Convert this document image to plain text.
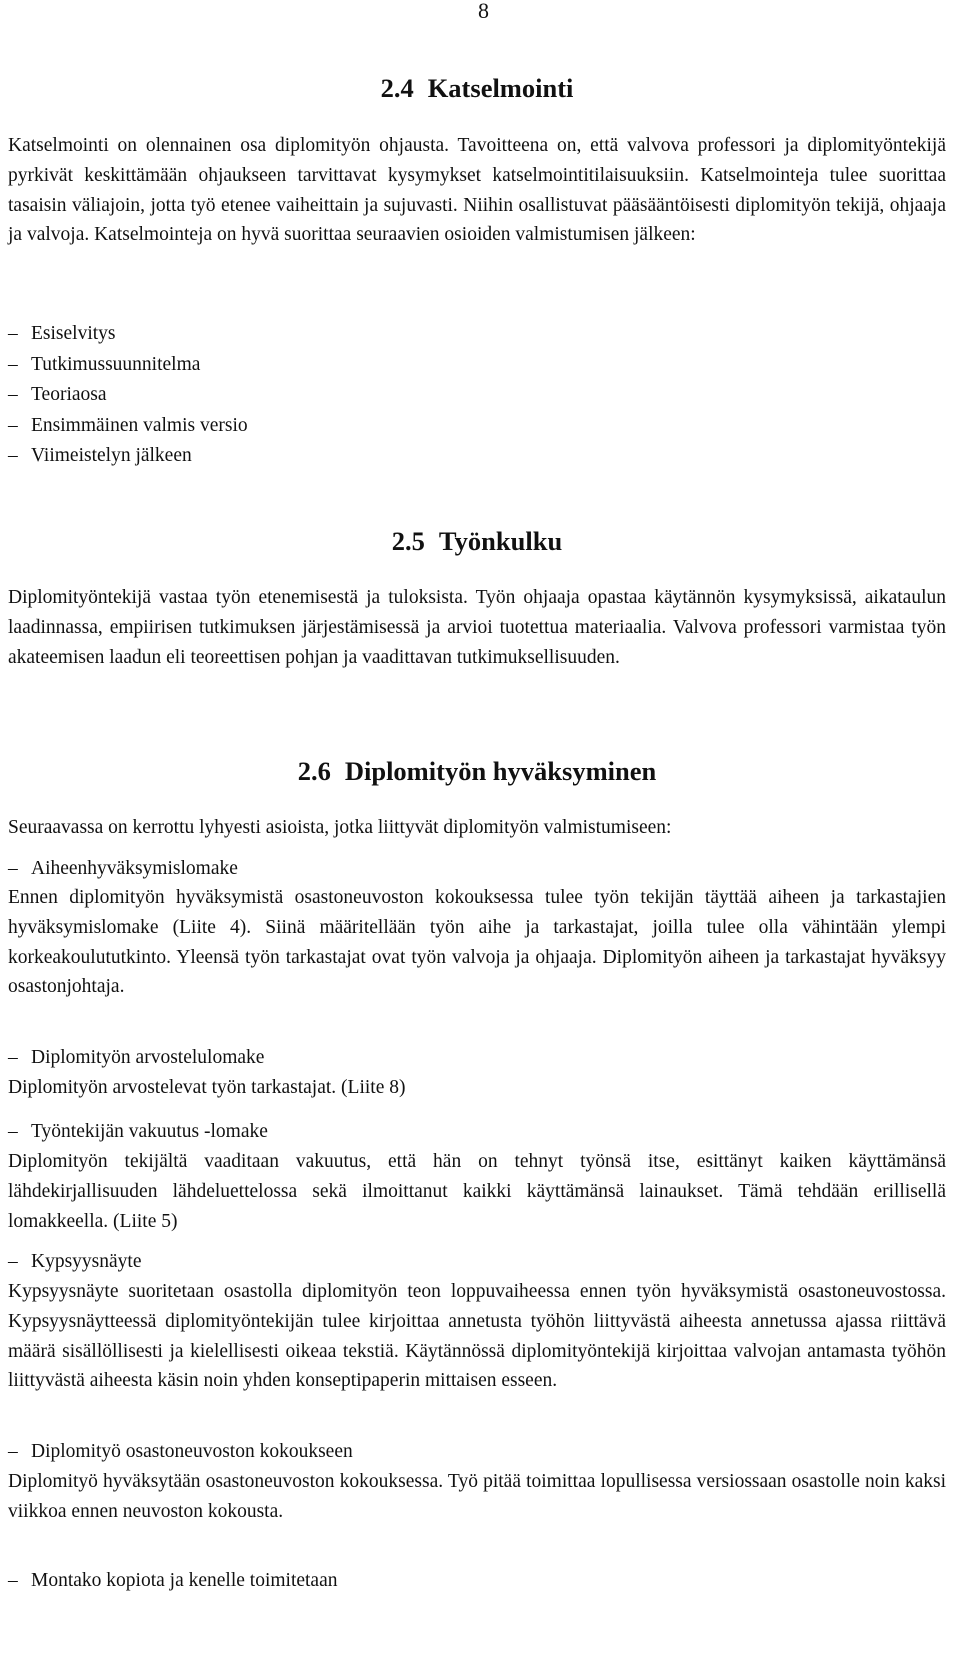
8
2.4 Katselmointi

Katselmointi on olennainen osa diplomityön ohjausta. Tavoitteena on, että valvova professori ja diplomityöntekijä pyrkivät keskittämään ohjaukseen tarvittavat kysymykset katselmointitilaisuuksiin. Katselmointeja tulee suorittaa tasaisin väliajoin, jotta työ etenee vaiheittain ja sujuvasti. Niihin osallistuvat pääsääntöisesti diplomityön tekijä, ohjaaja ja valvoja. Katselmointeja on hyvä suorittaa seuraavien osioiden valmistumisen jälkeen:

– Esiselvitys
– Tutkimussuunnitelma
– Teoriaosa
– Ensimmäinen valmis versio
– Viimeistelyn jälkeen
2.5 Työnkulku

Diplomityöntekijä vastaa työn etenemisestä ja tuloksista. Työn ohjaaja opastaa käytännön kysymyksissä, aikataulun laadinnassa, empiirisen tutkimuksen järjestämisessä ja arvioi tuotettua materiaalia. Valvova professori varmistaa työn akateemisen laadun eli teoreettisen pohjan ja vaadittavan tutkimuksellisuuden.

2.6 Diplomityön hyväksyminen

Seuraavassa on kerrottu lyhyesti asioista, jotka liittyvät diplomityön valmistumiseen:

– Aiheenhyväksymislomake

Ennen diplomityön hyväksymistä osastoneuvoston kokouksessa tulee työn tekijän täyttää aiheen ja tarkastajien hyväksymislomake (Liite 4). Siinä määritellään työn aihe ja tarkastajat, joilla tulee olla vähintään ylempi korkeakoulututkinto. Yleensä työn tarkastajat ovat työn valvoja ja ohjaaja. Diplomityön aiheen ja tarkastajat hyväksyy osastonjohtaja.

– Diplomityön arvostelulomake

Diplomityön arvostelevat työn tarkastajat. (Liite 8)

– Työntekijän vakuutus -lomake

Diplomityön tekijältä vaaditaan vakuutus, että hän on tehnyt työnsä itse, esittänyt kaiken käyttämänsä lähdekirjallisuuden lähdeluettelossa sekä ilmoittanut kaikki käyttämänsä lainaukset. Tämä tehdään erillisellä lomakkeella. (Liite 5)

– Kypsyysnäyte

Kypsyysnäyte suoritetaan osastolla diplomityön teon loppuvaiheessa ennen työn hyväksymistä osastoneuvostossa. Kypsyysnäytteessä diplomityöntekijän tulee kirjoittaa annetusta työhön liittyvästä aiheesta annetussa ajassa riittävä määrä sisällöllisesti ja kielellisesti oikeaa tekstiä. Käytännössä diplomityöntekijä kirjoittaa valvojan antamasta työhön liittyvästä aiheesta käsin noin yhden konseptipaperin mittaisen esseen.

– Diplomityö osastoneuvoston kokoukseen

Diplomityö hyväksytään osastoneuvoston kokouksessa. Työ pitää toimittaa lopullisessa versiossaan osastolle noin kaksi viikkoa ennen neuvoston kokousta.

– Montako kopiota ja kenelle toimitetaan
